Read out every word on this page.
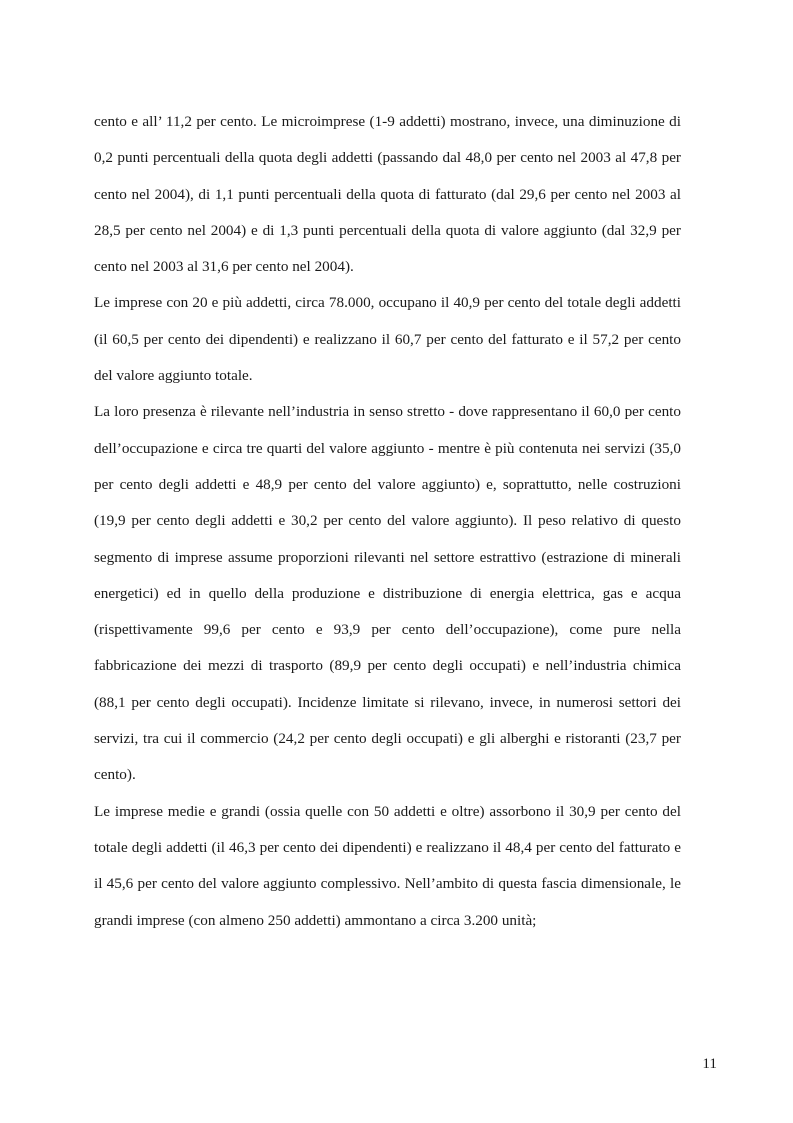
cento e all’ 11,2 per cento. Le microimprese (1-9 addetti) mostrano, invece, una diminuzione di 0,2 punti percentuali della quota degli addetti (passando dal 48,0 per cento nel 2003 al 47,8 per cento nel 2004), di 1,1 punti percentuali della quota di fatturato (dal 29,6 per cento nel 2003 al 28,5 per cento nel 2004) e di 1,3 punti percentuali della quota di valore aggiunto (dal 32,9 per cento nel 2003 al 31,6 per cento nel 2004).

Le imprese con 20 e più addetti, circa 78.000, occupano il 40,9 per cento del totale degli addetti (il 60,5 per cento dei dipendenti) e realizzano il 60,7 per cento del fatturato e il 57,2 per cento del valore aggiunto totale.

La loro presenza è rilevante nell’industria in senso stretto - dove rappresentano il 60,0 per cento dell’occupazione e circa tre quarti del valore aggiunto - mentre è più contenuta nei servizi (35,0 per cento degli addetti e 48,9 per cento del valore aggiunto) e, soprattutto, nelle costruzioni (19,9 per cento degli addetti e 30,2 per cento del valore aggiunto). Il peso relativo di questo segmento di imprese assume proporzioni rilevanti nel settore estrattivo (estrazione di minerali energetici) ed in quello della produzione e distribuzione di energia elettrica, gas e acqua (rispettivamente 99,6 per cento e 93,9 per cento dell’occupazione), come pure nella fabbricazione dei mezzi di trasporto (89,9 per cento degli occupati) e nell’industria chimica (88,1 per cento degli occupati). Incidenze limitate si rilevano, invece, in numerosi settori dei servizi, tra cui il commercio (24,2 per cento degli occupati) e gli alberghi e ristoranti (23,7 per cento).

Le imprese medie e grandi (ossia quelle con 50 addetti e oltre) assorbono il 30,9 per cento del totale degli addetti (il 46,3 per cento dei dipendenti) e realizzano il 48,4 per cento del fatturato e il 45,6 per cento del valore aggiunto complessivo. Nell’ambito di questa fascia dimensionale, le grandi imprese (con almeno 250 addetti) ammontano a circa 3.200 unità;

11
